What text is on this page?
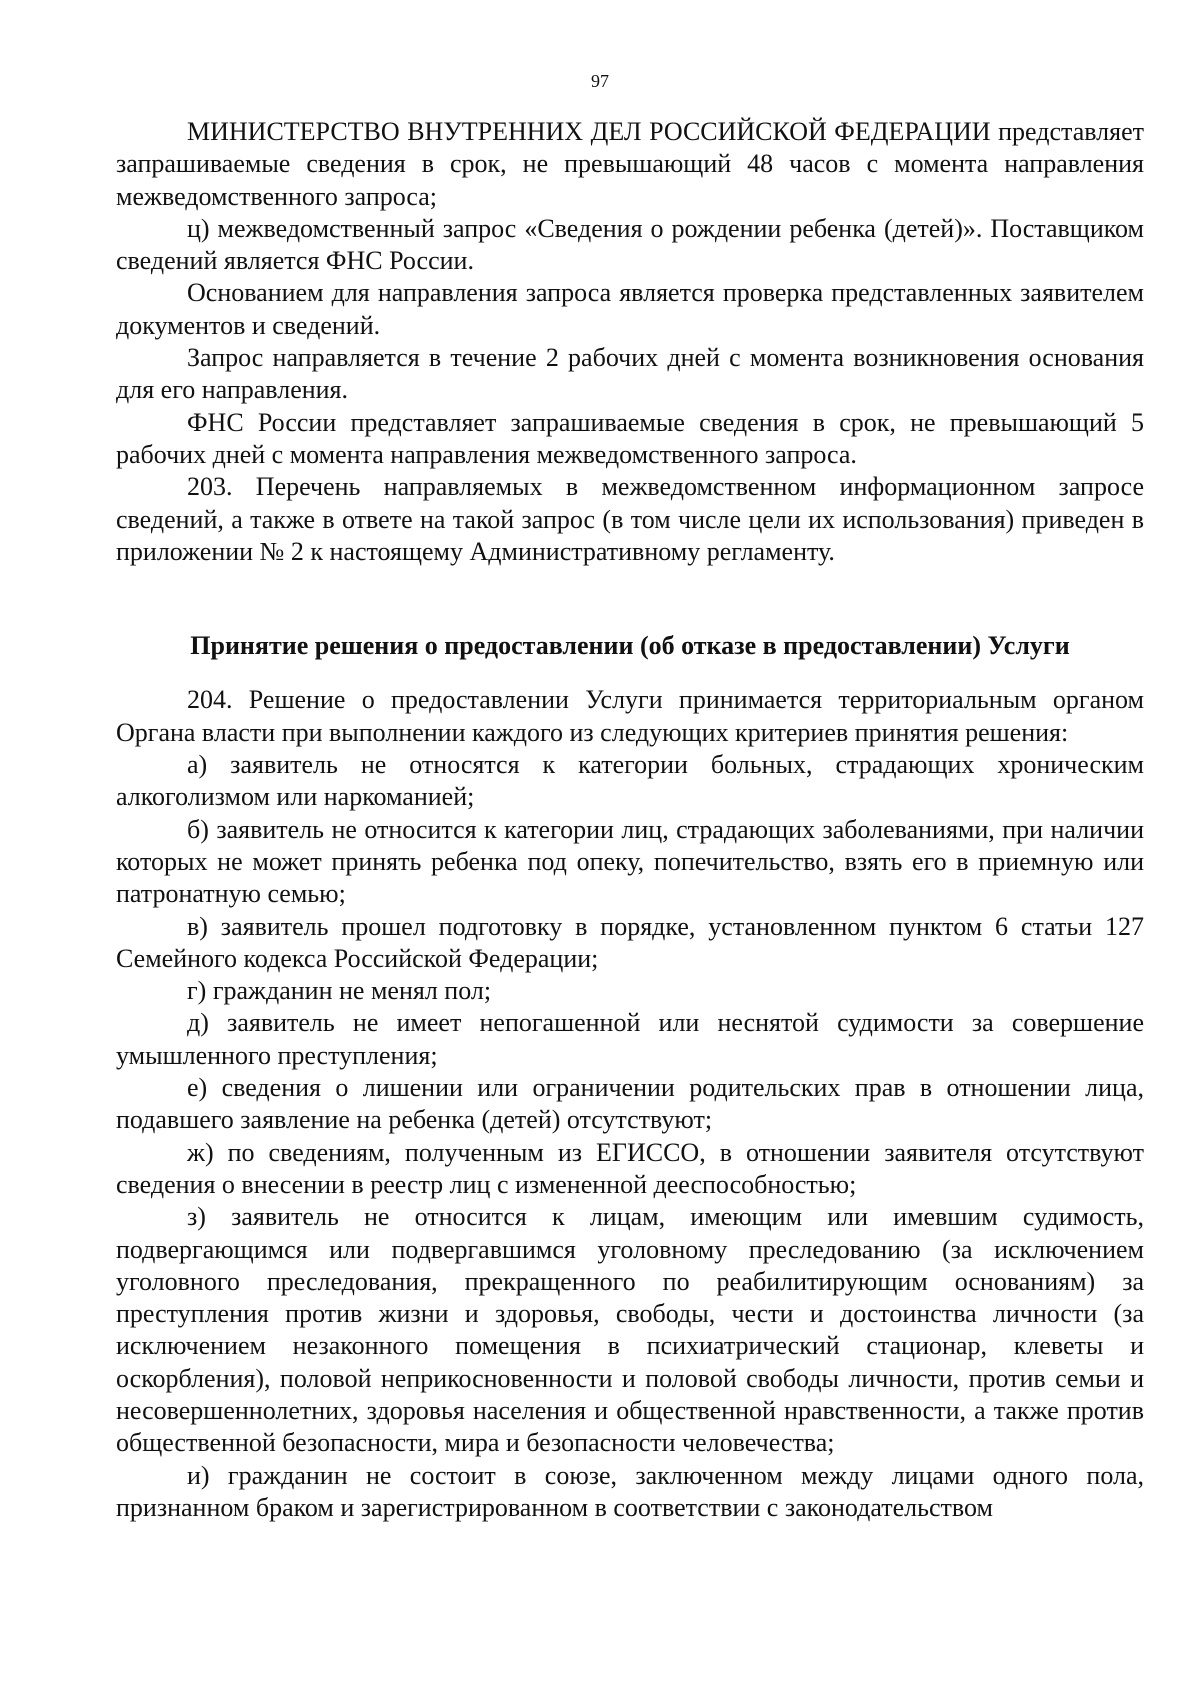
97

МИНИСТЕРСТВО ВНУТРЕННИХ ДЕЛ РОССИЙСКОЙ ФЕДЕРАЦИИ представляет запрашиваемые сведения в срок, не превышающий 48 часов с момента направления межведомственного запроса;

ц) межведомственный запрос «Сведения о рождении ребенка (детей)». Поставщиком сведений является ФНС России.

Основанием для направления запроса является проверка представленных заявителем документов и сведений.

Запрос направляется в течение 2 рабочих дней с момента возникновения основания для его направления.

ФНС России представляет запрашиваемые сведения в срок, не превышающий 5 рабочих дней с момента направления межведомственного запроса.

203. Перечень направляемых в межведомственном информационном запросе сведений, а также в ответе на такой запрос (в том числе цели их использования) приведен в приложении № 2 к настоящему Административному регламенту.

Принятие решения о предоставлении (об отказе в предоставлении) Услуги

204. Решение о предоставлении Услуги принимается территориальным органом Органа власти при выполнении каждого из следующих критериев принятия решения:

а) заявитель не относятся к категории больных, страдающих хроническим алкоголизмом или наркоманией;

б) заявитель не относится к категории лиц, страдающих заболеваниями, при наличии которых не может принять ребенка под опеку, попечительство, взять его в приемную или патронатную семью;

в) заявитель прошел подготовку в порядке, установленном пунктом 6 статьи 127 Семейного кодекса Российской Федерации;

г) гражданин не менял пол;

д) заявитель не имеет непогашенной или неснятой судимости за совершение умышленного преступления;

е) сведения о лишении или ограничении родительских прав в отношении лица, подавшего заявление на ребенка (детей) отсутствуют;

ж) по сведениям, полученным из ЕГИССО, в отношении заявителя отсутствуют сведения о внесении в реестр лиц с измененной дееспособностью;

з) заявитель не относится к лицам, имеющим или имевшим судимость, подвергающимся или подвергавшимся уголовному преследованию (за исключением уголовного преследования, прекращенного по реабилитирующим основаниям) за преступления против жизни и здоровья, свободы, чести и достоинства личности (за исключением незаконного помещения в психиатрический стационар, клеветы и оскорбления), половой неприкосновенности и половой свободы личности, против семьи и несовершеннолетних, здоровья населения и общественной нравственности, а также против общественной безопасности, мира и безопасности человечества;

и) гражданин не состоит в союзе, заключенном между лицами одного пола, признанном браком и зарегистрированном в соответствии с законодательством
